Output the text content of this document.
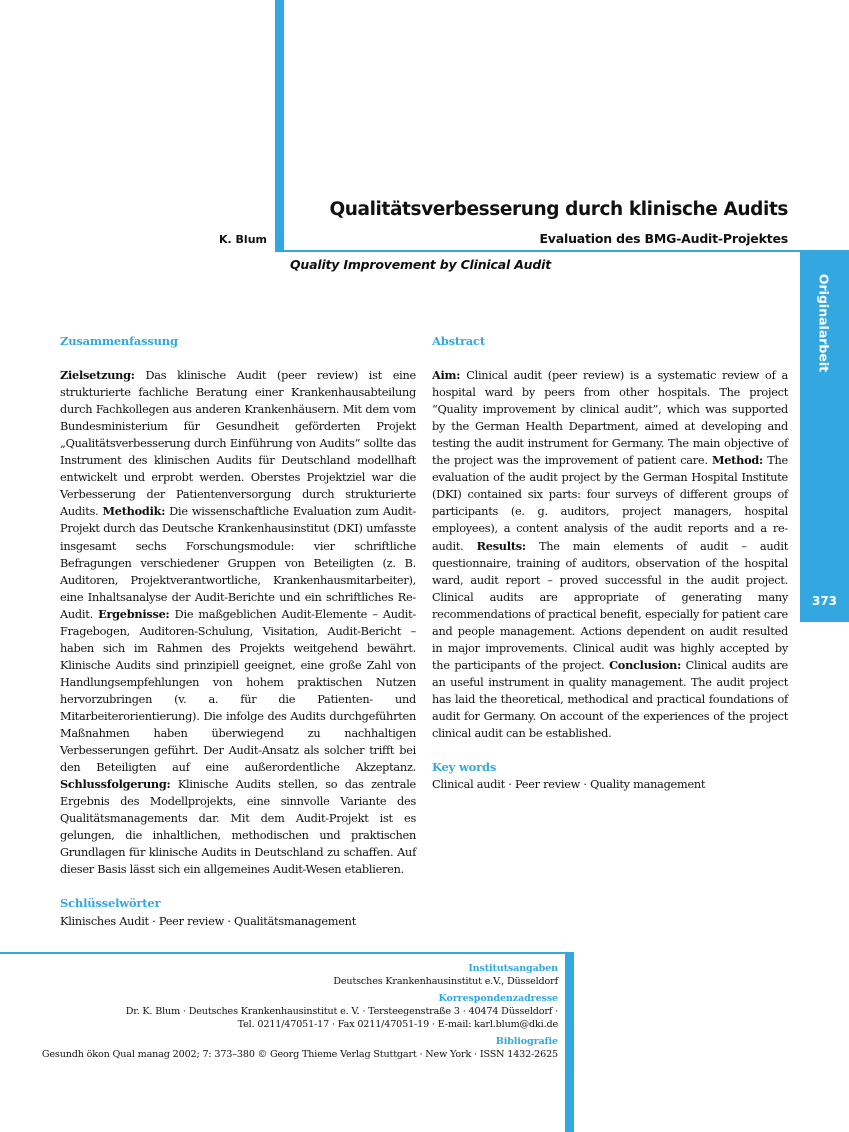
Qualitätsverbesserung durch klinische Audits
Evaluation des BMG-Audit-Projektes
K. Blum
Quality Improvement by Clinical Audit
Originalarbeit
373

Zusammenfassung

Zielsetzung: Das klinische Audit (peer review) ist eine strukturierte fachliche Beratung einer Krankenhausabteilung durch Fachkollegen aus anderen Krankenhäusern. Mit dem vom Bundesministerium für Gesundheit geförderten Projekt „Qualitätsverbesserung durch Einführung von Audits“ sollte das Instrument des klinischen Audits für Deutschland modellhaft entwickelt und erprobt werden. Oberstes Projektziel war die Verbesserung der Patientenversorgung durch strukturierte Audits. Methodik: Die wissenschaftliche Evaluation zum Audit-Projekt durch das Deutsche Krankenhausinstitut (DKI) umfasste insgesamt sechs Forschungsmodule: vier schriftliche Befragungen verschiedener Gruppen von Beteiligten (z. B. Auditoren, Projektverantwortliche, Krankenhausmitarbeiter), eine Inhaltsanalyse der Audit-Berichte und ein schriftliches Re-Audit. Ergebnisse: Die maßgeblichen Audit-Elemente – Audit-Fragebogen, Auditoren-Schulung, Visitation, Audit-Bericht – haben sich im Rahmen des Projekts weitgehend bewährt. Klinische Audits sind prinzipiell geeignet, eine große Zahl von Handlungsempfehlungen von hohem praktischen Nutzen hervorzubringen (v. a. für die Patienten- und Mitarbeiterorientierung). Die infolge des Audits durchgeführten Maßnahmen haben überwiegend zu nachhaltigen Verbesserungen geführt. Der Audit-Ansatz als solcher trifft bei den Beteiligten auf eine außerordentliche Akzeptanz. Schlussfolgerung: Klinische Audits stellen, so das zentrale Ergebnis des Modellprojekts, eine sinnvolle Variante des Qualitätsmanagements dar. Mit dem Audit-Projekt ist es gelungen, die inhaltlichen, methodischen und praktischen Grundlagen für klinische Audits in Deutschland zu schaffen. Auf dieser Basis lässt sich ein allgemeines Audit-Wesen etablieren.

Schlüsselwörter

Klinisches Audit · Peer review · Qualitätsmanagement

Abstract

Aim: Clinical audit (peer review) is a systematic review of a hospital ward by peers from other hospitals. The project “Quality improvement by clinical audit”, which was supported by the German Health Department, aimed at developing and testing the audit instrument for Germany. The main objective of the project was the improvement of patient care. Method: The evaluation of the audit project by the German Hospital Institute (DKI) contained six parts: four surveys of different groups of participants (e. g. auditors, project managers, hospital employees), a content analysis of the audit reports and a re-audit. Results: The main elements of audit – audit questionnaire, training of auditors, observation of the hospital ward, audit report – proved successful in the audit project. Clinical audits are appropriate of generating many recommendations of practical benefit, especially for patient care and people management. Actions dependent on audit resulted in major improvements. Clinical audit was highly accepted by the participants of the project. Conclusion: Clinical audits are an useful instrument in quality management. The audit project has laid the theoretical, methodical and practical foundations of audit for Germany. On account of the experiences of the project clinical audit can be established.

Key words

Clinical audit · Peer review · Quality management

Institutsangaben
Deutsches Krankenhausinstitut e.V., Düsseldorf
Korrespondenzadresse
Dr. K. Blum · Deutsches Krankenhausinstitut e. V. · Tersteegenstraße 3 · 40474 Düsseldorf ·
Tel. 0211/47051-17 · Fax 0211/47051-19 · E-mail: karl.blum@dki.de
Bibliografie
Gesundh ökon Qual manag 2002; 7: 373–380 © Georg Thieme Verlag Stuttgart · New York · ISSN 1432-2625
